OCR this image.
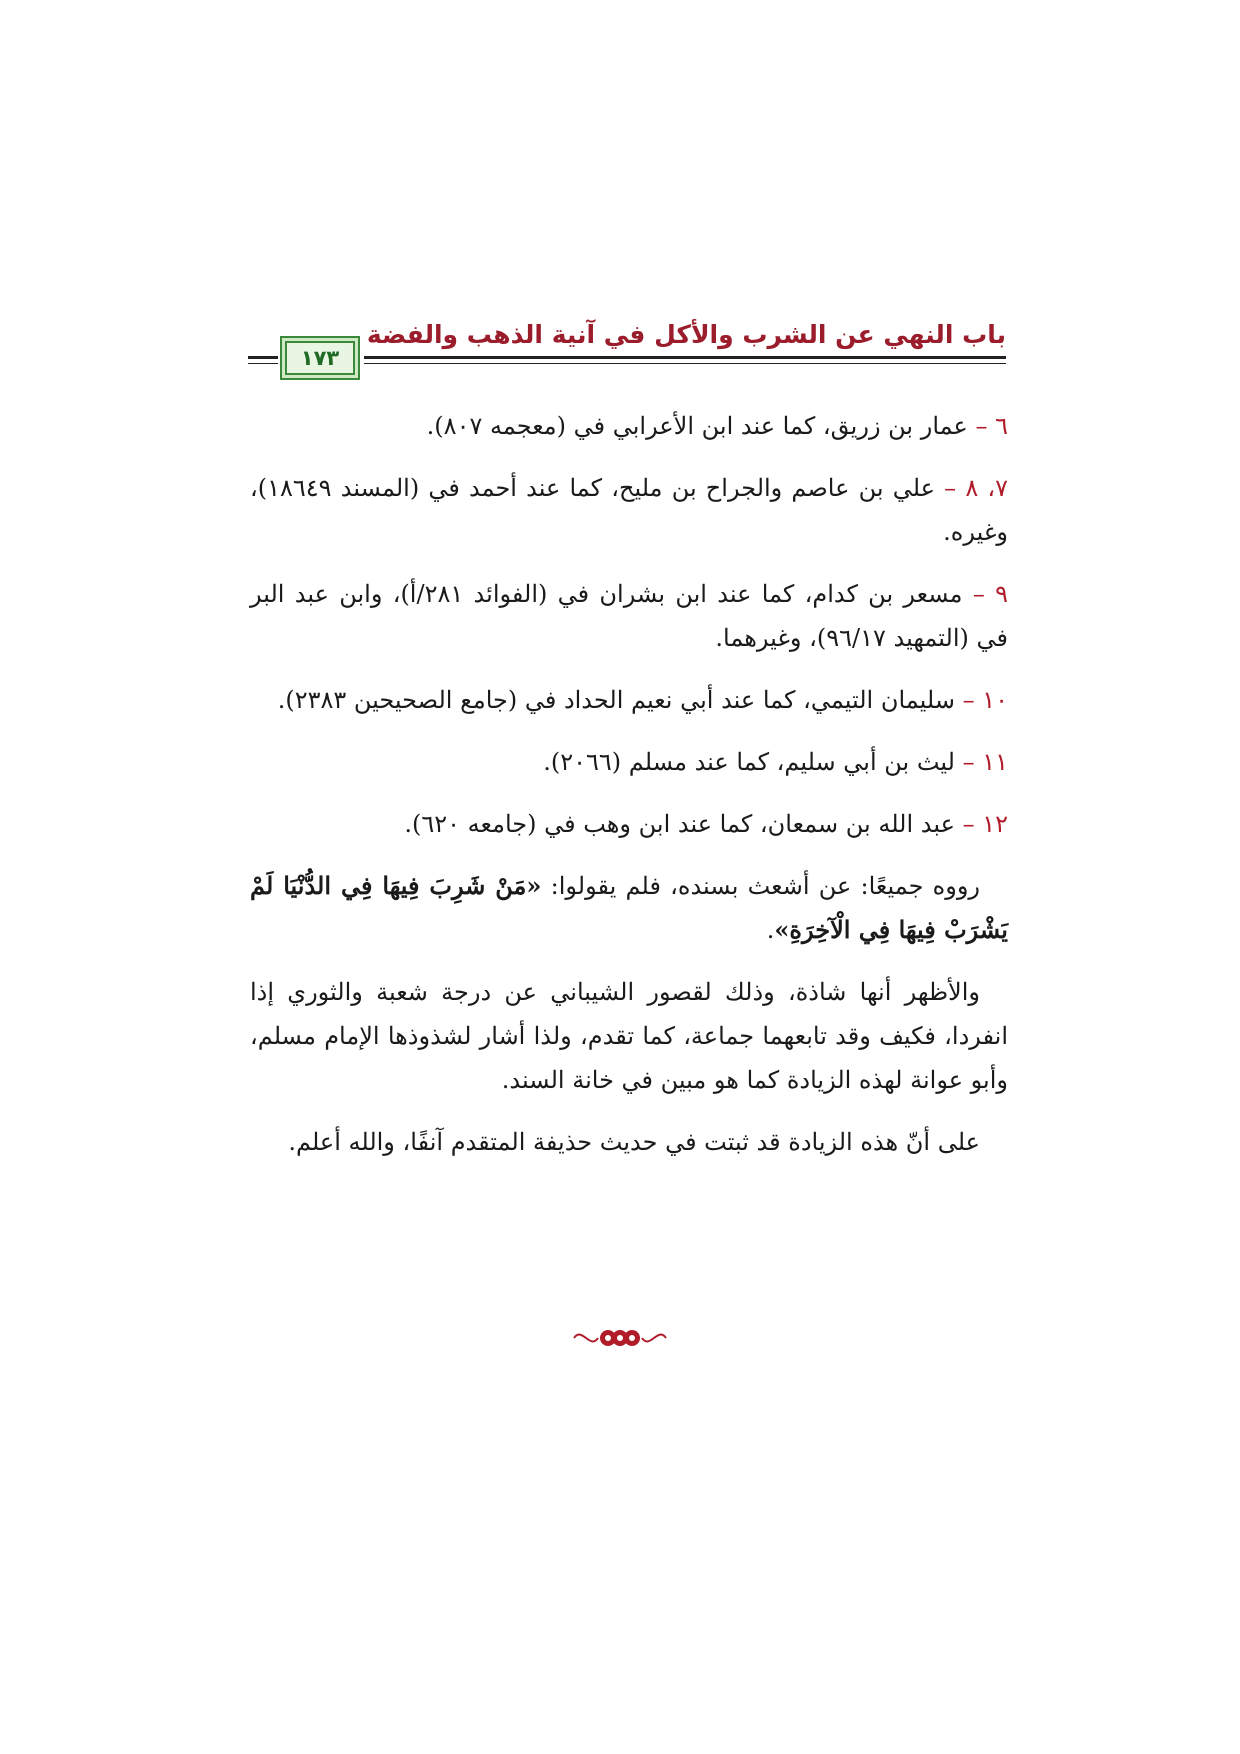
باب النهي عن الشرب والأكل في آنية الذهب والفضة
١٧٣

٦ – عمار بن زريق، كما عند ابن الأعرابي في (معجمه ٨٠٧).

٧، ٨ – علي بن عاصم والجراح بن مليح، كما عند أحمد في (المسند ١٨٦٤٩)، وغيره.

٩ – مسعر بن كدام، كما عند ابن بشران في (الفوائد ٢٨١/أ)، وابن عبد البر في (التمهيد ٩٦/١٧)، وغيرهما.

١٠ – سليمان التيمي، كما عند أبي نعيم الحداد في (جامع الصحيحين ٢٣٨٣).

١١ – ليث بن أبي سليم، كما عند مسلم (٢٠٦٦).

١٢ – عبد الله بن سمعان، كما عند ابن وهب في (جامعه ٦٢٠).

رووه جميعًا: عن أشعث بسنده، فلم يقولوا: «مَنْ شَرِبَ فِيهَا فِي الدُّنْيَا لَمْ يَشْرَبْ فِيهَا فِي الْآخِرَةِ».

والأظهر أنها شاذة، وذلك لقصور الشيباني عن درجة شعبة والثوري إذا انفردا، فكيف وقد تابعهما جماعة، كما تقدم، ولذا أشار لشذوذها الإمام مسلم، وأبو عوانة لهذه الزيادة كما هو مبين في خانة السند.

على أنّ هذه الزيادة قد ثبتت في حديث حذيفة المتقدم آنفًا، والله أعلم.
